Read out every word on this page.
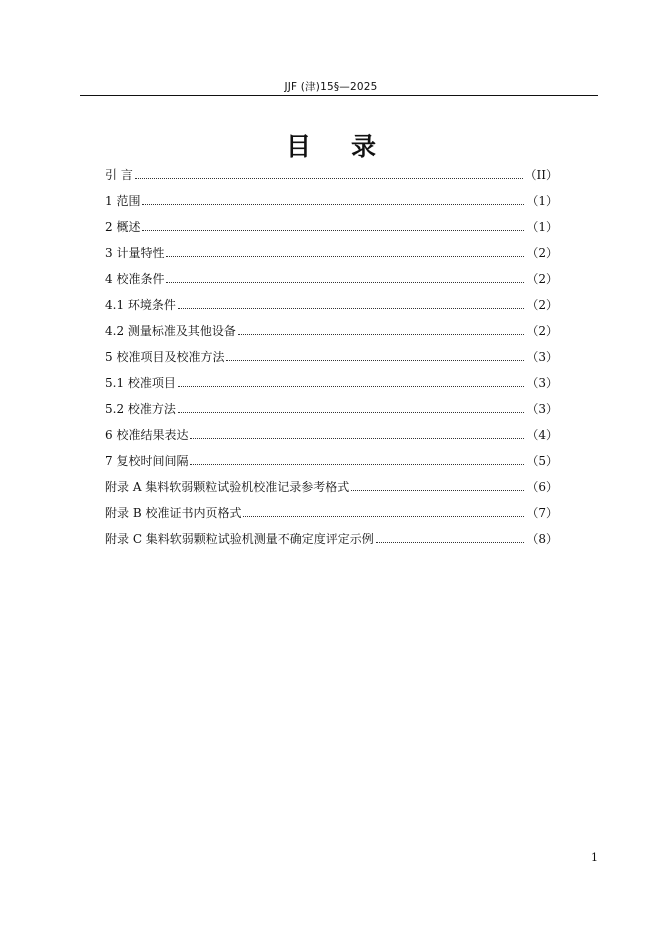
JJF (津)15§—2025
目 录
引 言	（II）
1 范围	（1）
2 概述	（1）
3 计量特性	（2）
4 校准条件	（2）
4.1 环境条件	（2）
4.2 测量标准及其他设备	（2）
5 校准项目及校准方法	（3）
5.1 校准项目	（3）
5.2 校准方法	（3）
6 校准结果表达	（4）
7 复校时间间隔	（5）
附录 A 集料软弱颗粒试验机校准记录参考格式	（6）
附录 B 校准证书内页格式	（7）
附录 C 集料软弱颗粒试验机测量不确定度评定示例	（8）
1
